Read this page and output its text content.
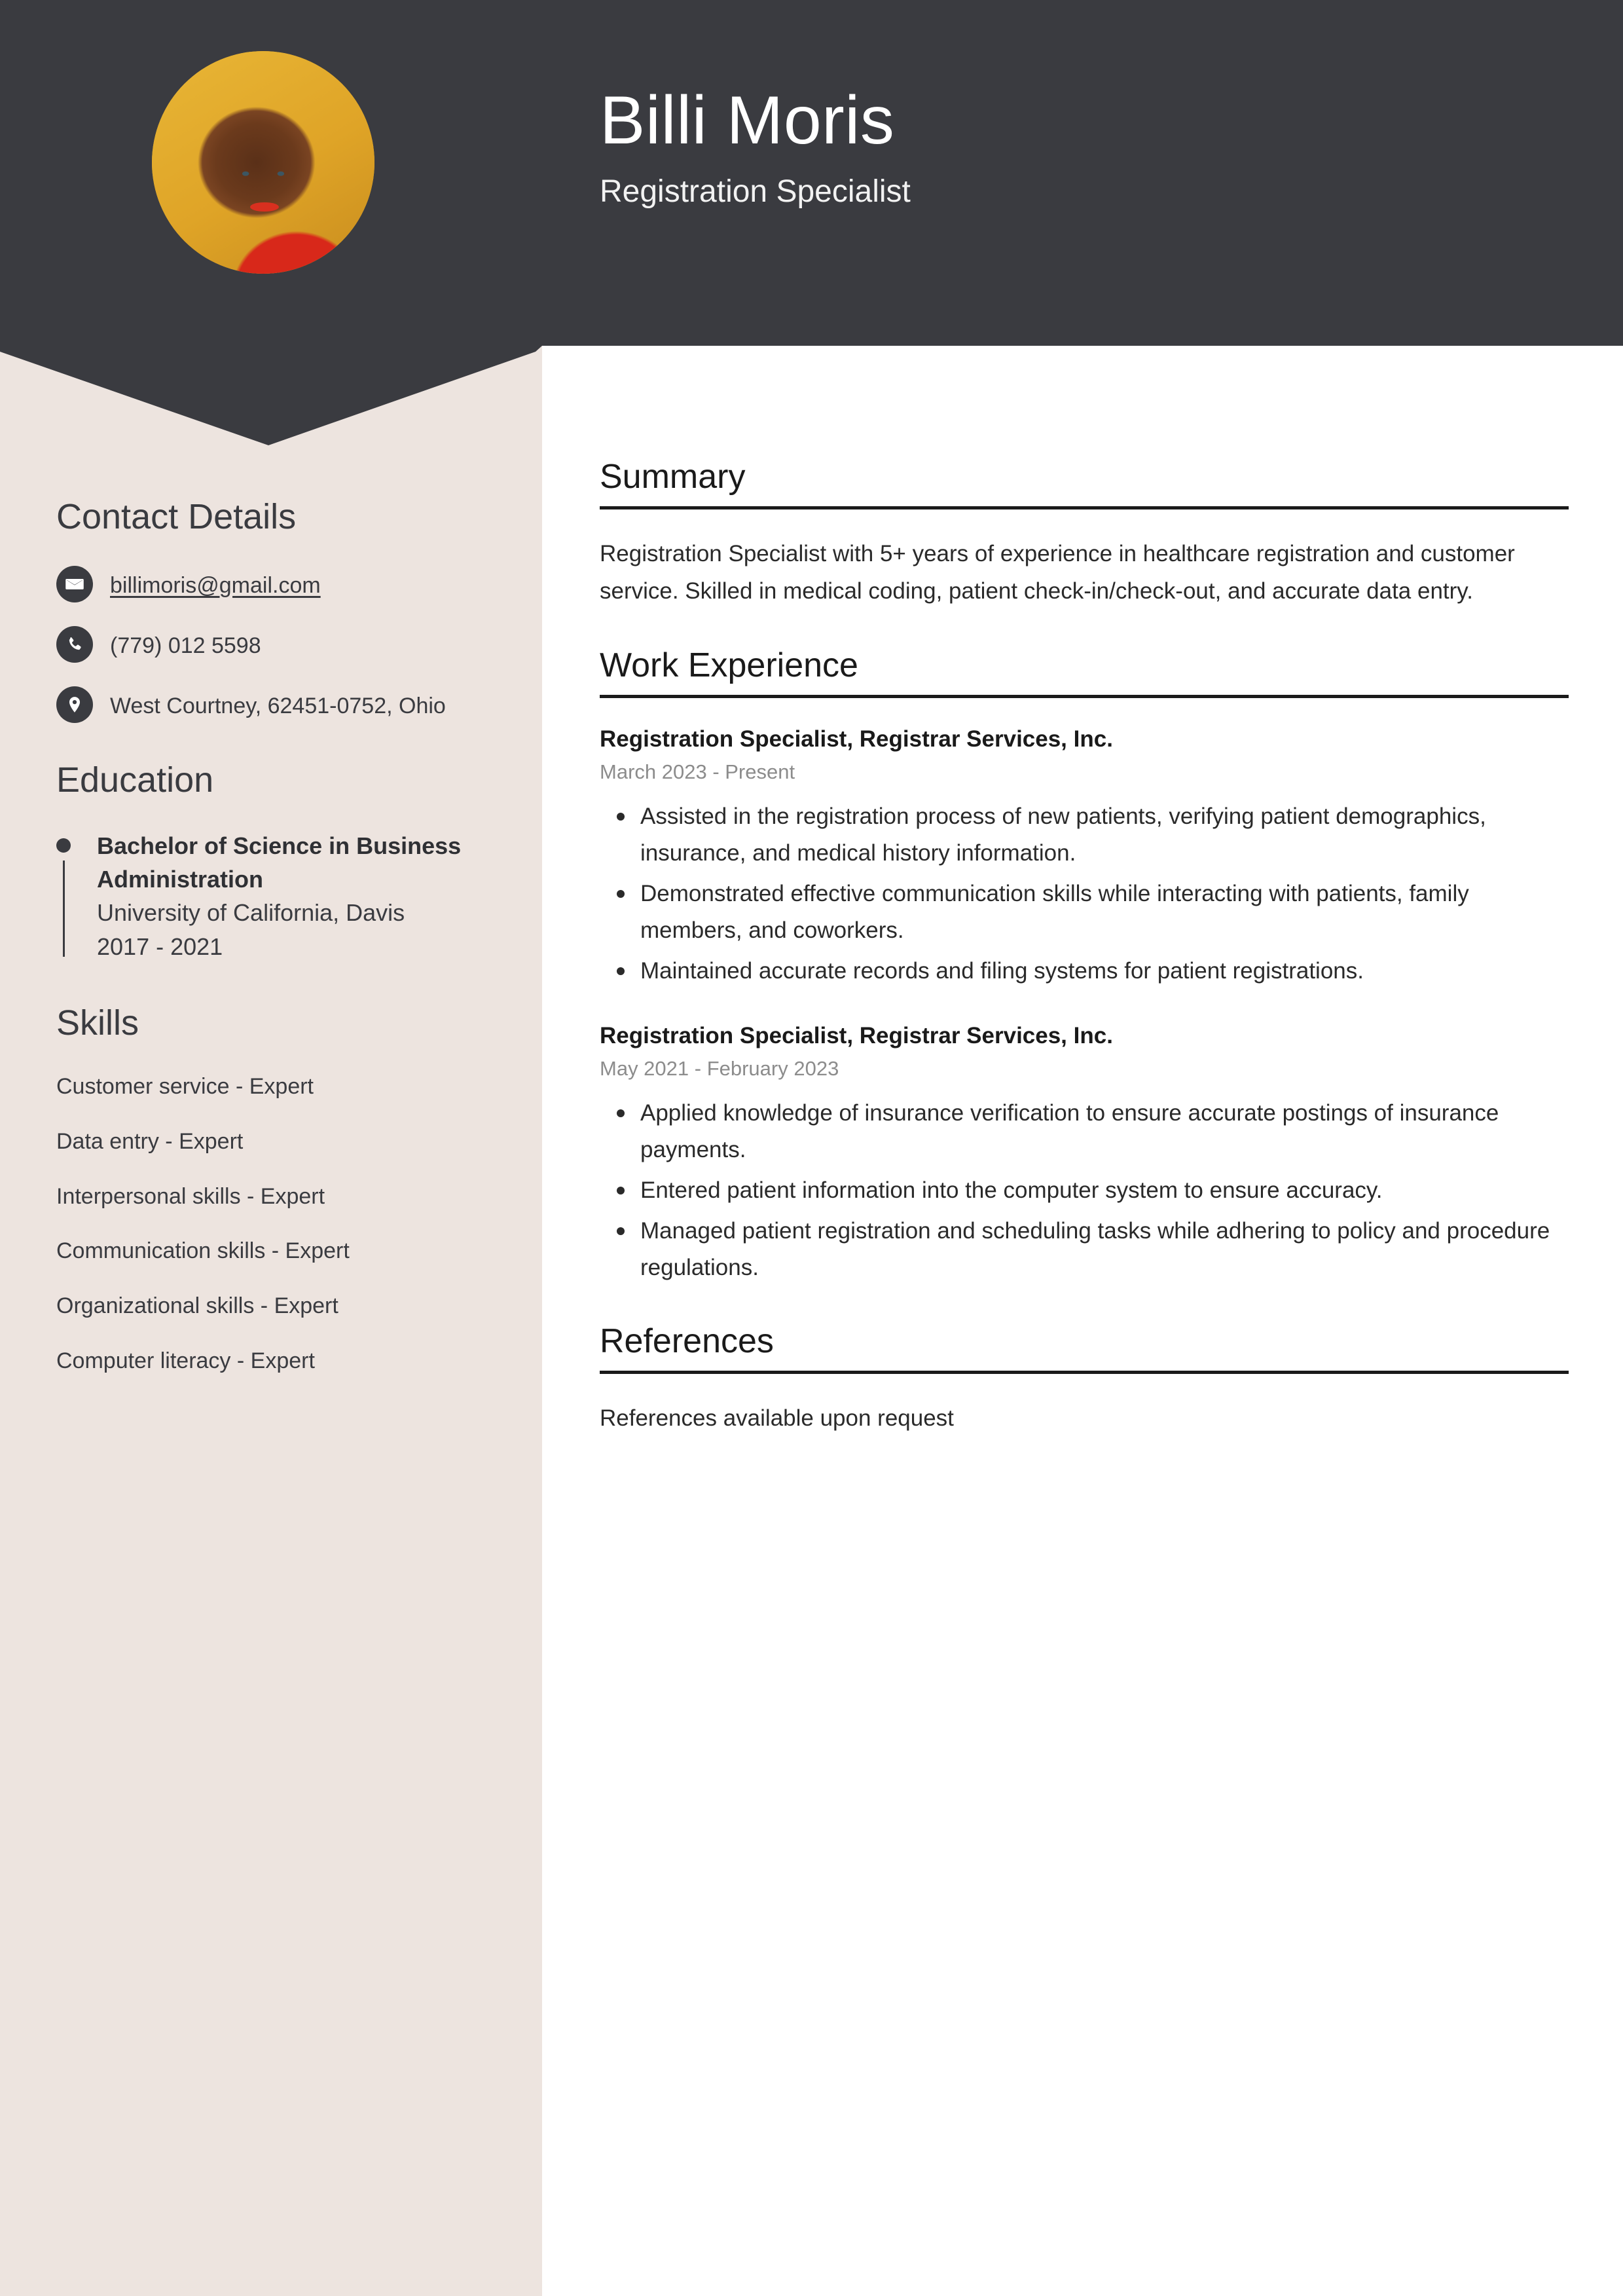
Billi Moris
Registration Specialist
Contact Details
billimoris@gmail.com
(779) 012 5598
West Courtney, 62451-0752, Ohio
Education
Bachelor of Science in Business Administration
University of California, Davis
2017 - 2021
Skills
Customer service - Expert
Data entry - Expert
Interpersonal skills - Expert
Communication skills - Expert
Organizational skills - Expert
Computer literacy - Expert
Summary
Registration Specialist with 5+ years of experience in healthcare registration and customer service. Skilled in medical coding, patient check-in/check-out, and accurate data entry.
Work Experience
Registration Specialist, Registrar Services, Inc.
March 2023 - Present
Assisted in the registration process of new patients, verifying patient demographics, insurance, and medical history information.
Demonstrated effective communication skills while interacting with patients, family members, and coworkers.
Maintained accurate records and filing systems for patient registrations.
Registration Specialist, Registrar Services, Inc.
May 2021 - February 2023
Applied knowledge of insurance verification to ensure accurate postings of insurance payments.
Entered patient information into the computer system to ensure accuracy.
Managed patient registration and scheduling tasks while adhering to policy and procedure regulations.
References
References available upon request
